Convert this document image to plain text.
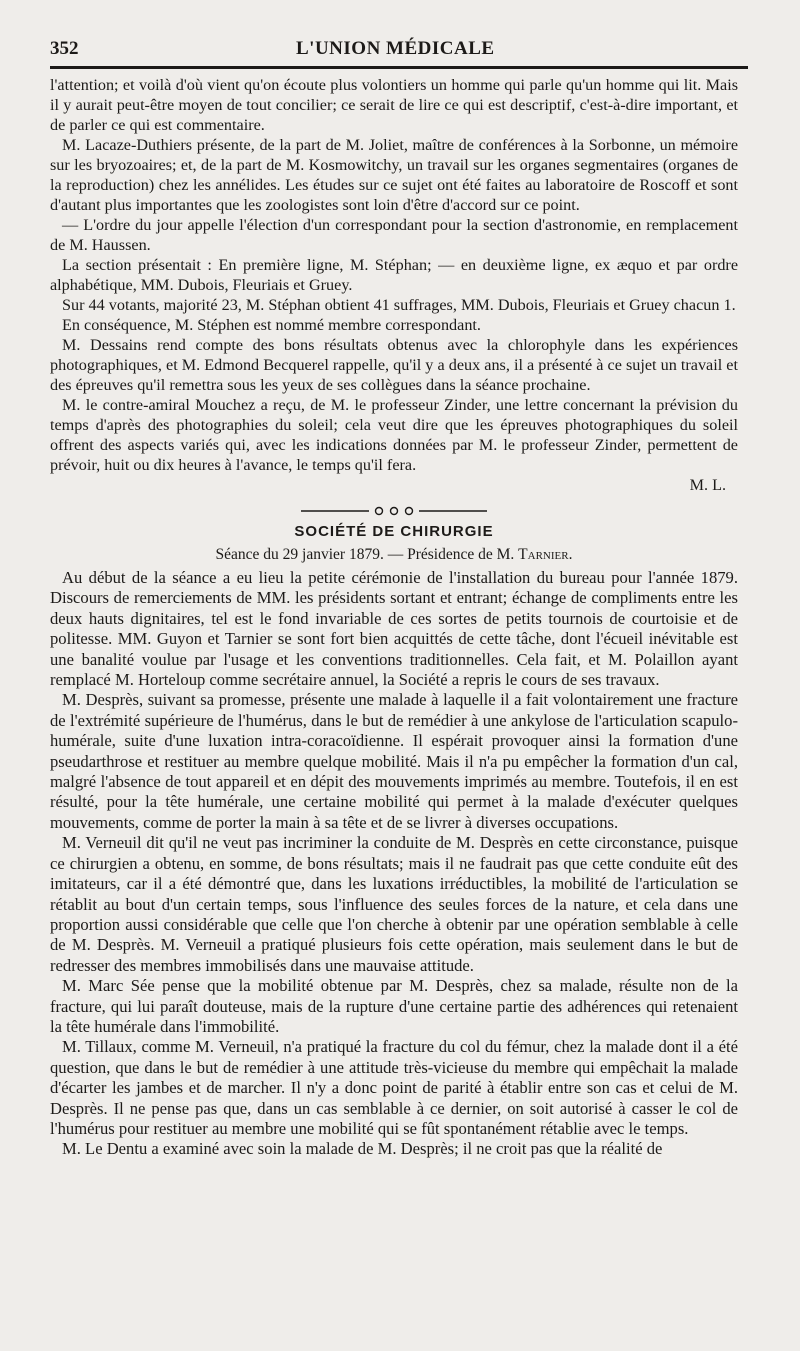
352	L'UNION MÉDICALE

l'attention; et voilà d'où vient qu'on écoute plus volontiers un homme qui parle qu'un homme qui lit. Mais il y aurait peut-être moyen de tout concilier; ce serait de lire ce qui est descriptif, c'est-à-dire important, et de parler ce qui est commentaire.

M. Lacaze-Duthiers présente, de la part de M. Joliet, maître de conférences à la Sorbonne, un mémoire sur les bryozoaires; et, de la part de M. Kosmowitchy, un travail sur les organes segmentaires (organes de la reproduction) chez les annélides. Les études sur ce sujet ont été faites au laboratoire de Roscoff et sont d'autant plus importantes que les zoologistes sont loin d'être d'accord sur ce point.

— L'ordre du jour appelle l'élection d'un correspondant pour la section d'astronomie, en remplacement de M. Haussen.

La section présentait : En première ligne, M. Stéphan; — en deuxième ligne, ex æquo et par ordre alphabétique, MM. Dubois, Fleuriais et Gruey.

Sur 44 votants, majorité 23, M. Stéphan obtient 41 suffrages, MM. Dubois, Fleuriais et Gruey chacun 1.

En conséquence, M. Stéphen est nommé membre correspondant.

M. Dessains rend compte des bons résultats obtenus avec la chlorophyle dans les expériences photographiques, et M. Edmond Becquerel rappelle, qu'il y a deux ans, il a présenté à ce sujet un travail et des épreuves qu'il remettra sous les yeux de ses collègues dans la séance prochaine.

M. le contre-amiral Mouchez a reçu, de M. le professeur Zinder, une lettre concernant la prévision du temps d'après des photographies du soleil; cela veut dire que les épreuves photographiques du soleil offrent des aspects variés qui, avec les indications données par M. le professeur Zinder, permettent de prévoir, huit ou dix heures à l'avance, le temps qu'il fera.

M. L.

SOCIÉTÉ DE CHIRURGIE
Séance du 29 janvier 1879. — Présidence de M. Tarnier.

Au début de la séance a eu lieu la petite cérémonie de l'installation du bureau pour l'année 1879. Discours de remerciements de MM. les présidents sortant et entrant; échange de compliments entre les deux hauts dignitaires, tel est le fond invariable de ces sortes de petits tournois de courtoisie et de politesse. MM. Guyon et Tarnier se sont fort bien acquittés de cette tâche, dont l'écueil inévitable est une banalité voulue par l'usage et les conventions traditionnelles. Cela fait, et M. Polaillon ayant remplacé M. Horteloup comme secrétaire annuel, la Société a repris le cours de ses travaux.

M. Desprès, suivant sa promesse, présente une malade à laquelle il a fait volontairement une fracture de l'extrémité supérieure de l'humérus, dans le but de remédier à une ankylose de l'articulation scapulo-humérale, suite d'une luxation intra-coracoïdienne. Il espérait provoquer ainsi la formation d'une pseudarthrose et restituer au membre quelque mobilité. Mais il n'a pu empêcher la formation d'un cal, malgré l'absence de tout appareil et en dépit des mouvements imprimés au membre. Toutefois, il en est résulté, pour la tête humérale, une certaine mobilité qui permet à la malade d'exécuter quelques mouvements, comme de porter la main à sa tête et de se livrer à diverses occupations.

M. Verneuil dit qu'il ne veut pas incriminer la conduite de M. Desprès en cette circonstance, puisque ce chirurgien a obtenu, en somme, de bons résultats; mais il ne faudrait pas que cette conduite eût des imitateurs, car il a été démontré que, dans les luxations irréductibles, la mobilité de l'articulation se rétablit au bout d'un certain temps, sous l'influence des seules forces de la nature, et cela dans une proportion aussi considérable que celle que l'on cherche à obtenir par une opération semblable à celle de M. Desprès. M. Verneuil a pratiqué plusieurs fois cette opération, mais seulement dans le but de redresser des membres immobilisés dans une mauvaise attitude.

M. Marc Sée pense que la mobilité obtenue par M. Desprès, chez sa malade, résulte non de la fracture, qui lui paraît douteuse, mais de la rupture d'une certaine partie des adhérences qui retenaient la tête humérale dans l'immobilité.

M. Tillaux, comme M. Verneuil, n'a pratiqué la fracture du col du fémur, chez la malade dont il a été question, que dans le but de remédier à une attitude très-vicieuse du membre qui empêchait la malade d'écarter les jambes et de marcher. Il n'y a donc point de parité à établir entre son cas et celui de M. Desprès. Il ne pense pas que, dans un cas semblable à ce dernier, on soit autorisé à casser le col de l'humérus pour restituer au membre une mobilité qui se fût spontanément rétablie avec le temps.

M. Le Dentu a examiné avec soin la malade de M. Desprès; il ne croit pas que la réalité de
